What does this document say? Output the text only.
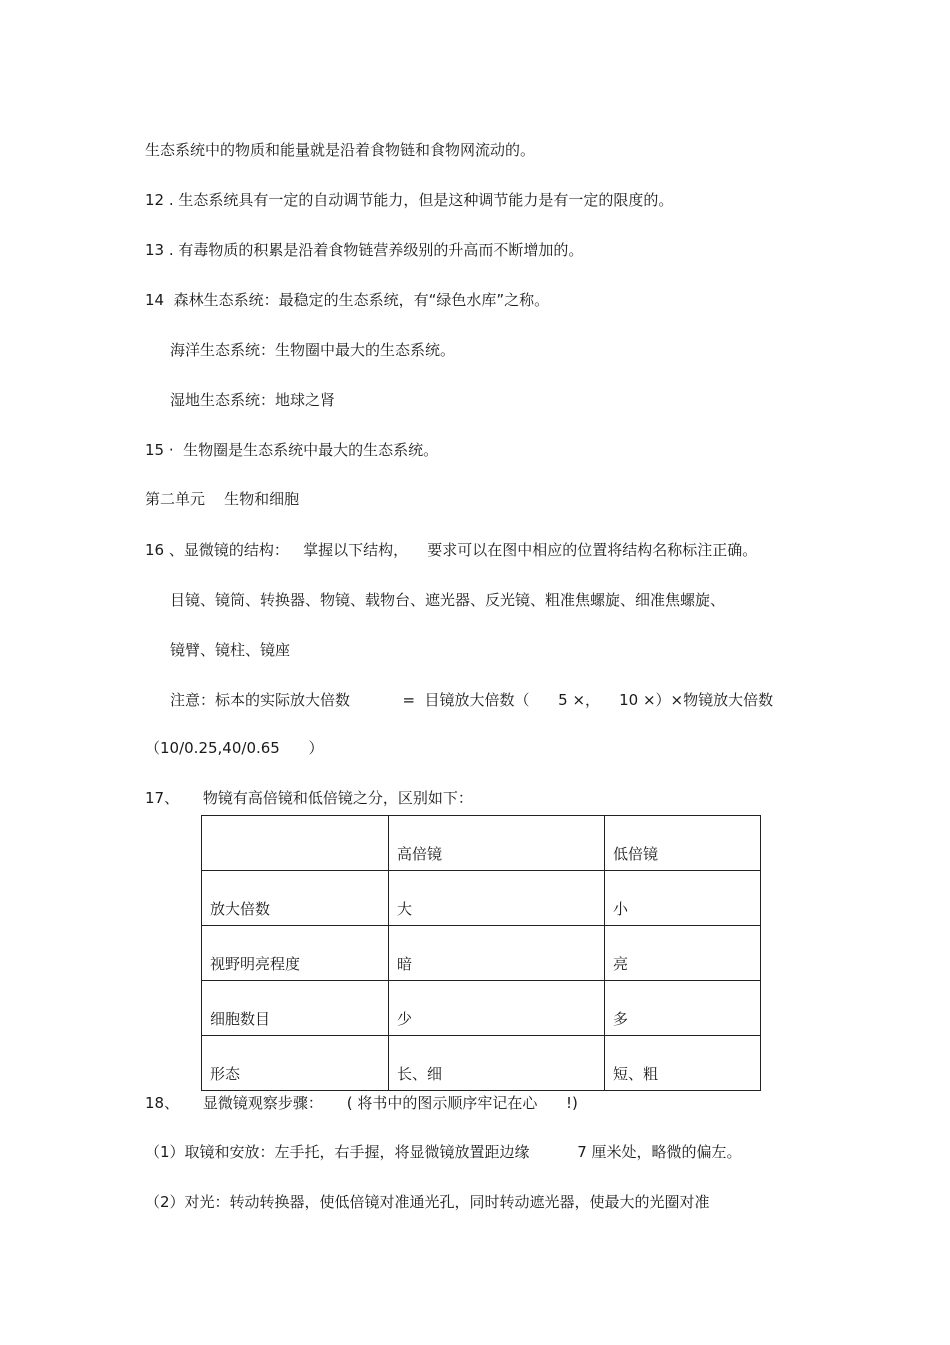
生态系统中的物质和能量就是沿着食物链和食物网流动的。
12 . 生态系统具有一定的自动调节能力，但是这种调节能力是有一定的限度的。
13 . 有毒物质的积累是沿着食物链营养级别的升高而不断增加的。
14  森林生态系统：最稳定的生态系统，有“绿色水库”之称。
海洋生态系统：生物圈中最大的生态系统。
湿地生态系统：地球之肾
15 ·  生物圈是生态系统中最大的生态系统。
第二单元    生物和细胞
16 、显微镜的结构：   掌握以下结构，    要求可以在图中相应的位置将结构名称标注正确。
目镜、镜筒、转换器、物镜、载物台、遮光器、反光镜、粗准焦螺旋、细准焦螺旋、
镜臂、镜柱、镜座
注意：标本的实际放大倍数           =  目镜放大倍数（      5 ×，    10 ×）×物镜放大倍数
（10/0.25,40/0.65      ）
17、     物镜有高倍镜和低倍镜之分，区别如下：
	高倍镜	低倍镜
放大倍数	大	小
视野明亮程度	暗	亮
细胞数目	少	多
形态	长、细	短、粗
18、     显微镜观察步骤：     ( 将书中的图示顺序牢记在心      !)
（1）取镜和安放：左手托，右手握，将显微镜放置距边缘          7 厘米处，略微的偏左。
（2）对光：转动转换器，使低倍镜对准通光孔，同时转动遮光器，使最大的光圈对准
